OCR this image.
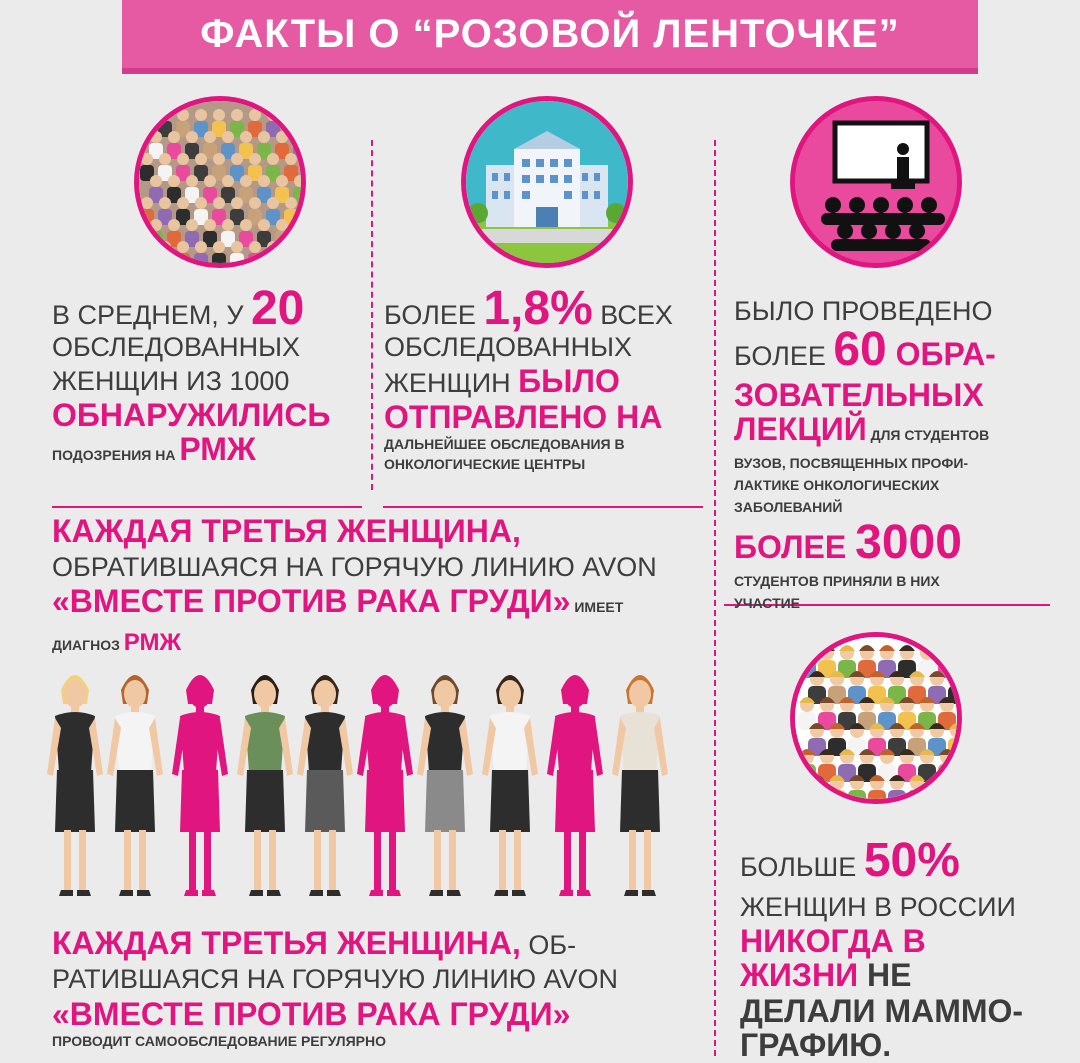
ФАКТЫ О “РОЗОВОЙ ЛЕНТОЧКЕ”
В СРЕДНЕМ, У 20
ОБСЛЕДОВАННЫХ
ЖЕНЩИН ИЗ 1000
ОБНАРУЖИЛИСЬ
ПОДОЗРЕНИЯ НА РМЖ
БОЛЕЕ 1,8% ВСЕХ
ОБСЛЕДОВАННЫХ
ЖЕНЩИН БЫЛО
ОТПРАВЛЕНО НА
ДАЛЬНЕЙШЕЕ ОБСЛЕДОВАНИЯ В
ОНКОЛОГИЧЕСКИЕ ЦЕНТРЫ
БЫЛО ПРОВЕДЕНО
БОЛЕЕ 60 ОБРА-
ЗОВАТЕЛЬНЫХ
ЛЕКЦИЙ ДЛЯ СТУДЕНТОВ
ВУЗОВ, ПОСВЯЩЕННЫХ ПРОФИ-
ЛАКТИКЕ ОНКОЛОГИЧЕСКИХ
ЗАБОЛЕВАНИЙ
БОЛЕЕ 3000
СТУДЕНТОВ ПРИНЯЛИ В НИХ
УЧАСТИЕ
КАЖДАЯ ТРЕТЬЯ ЖЕНЩИНА,
ОБРАТИВШАЯСЯ НА ГОРЯЧУЮ ЛИНИЮ AVON
«ВМЕСТЕ ПРОТИВ РАКА ГРУДИ» ИМЕЕТ
ДИАГНОЗ РМЖ
КАЖДАЯ ТРЕТЬЯ ЖЕНЩИНА, ОБ-
РАТИВШАЯСЯ НА ГОРЯЧУЮ ЛИНИЮ AVON
«ВМЕСТЕ ПРОТИВ РАКА ГРУДИ»
ПРОВОДИТ САМООБСЛЕДОВАНИЕ РЕГУЛЯРНО
БОЛЬШЕ 50%
ЖЕНЩИН В РОССИИ
НИКОГДА В
ЖИЗНИ НЕ
ДЕЛАЛИ МАММО-
ГРАФИЮ.
